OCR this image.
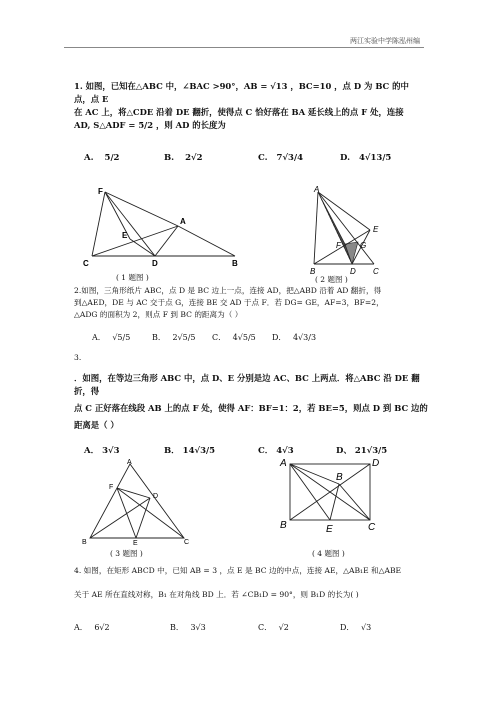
两江实验中学陈泓州编
1. 如图，已知在△ABC 中，∠BAC >90°，AB = √13 ，BC=10 ，点 D 为 BC 的中点，点 E
在 AC 上，将△CDE 沿着 DE 翻折，使得点 C 恰好落在 BA 延长线上的点 F 处，连接
AD, S△ADF = 5/2 ，则 AD 的长度为
A. 5/2	B. 2√2	C. 7√3/4	D. 4√13/5
F
E
A
C	D	B
A
E
F G
B	D C
( 1 题图 )	( 2 题图 )
2.如图，三角形纸片 ABC，点 D 是 BC 边上一点，连接 AD，把△ABD 沿着 AD 翻折，得
到△AED，DE 与 AC 交于点 G，连接 BE 交 AD 于点 F．若 DG= GE，AF=3，BF=2，
△ADG 的面积为 2，则点 F 到 BC 的距离为（ ）
A． √5/5	B． 2√5/5 C． 4√5/5 D． 4√3/3
3.
．如图，在等边三角形 ABC 中，点 D、E 分别是边 AC、BC 上两点．将△ABC 沿 DE 翻折，得
点 C 正好落在线段 AB 上的点 F 处，使得 AF：BF=1：2，若 BE=5，则点 D 到 BC 边的
距离是（ ）
A． 3√3	B． 14√3/5	C． 4√3	D、 21√3/5
A
F
D
B	E	C
A	D
B
B	E	C
( 3 题图 )	( 4 题图 )
4. 如图，在矩形 ABCD 中，已知 AB = 3 ，点 E 是 BC 边的中点，连接 AE，△AB₁E 和△ABE
关于 AE 所在直线对称，B₁ 在对角线 BD 上．若 ∠CB₁D = 90°，则 B₁D 的长为( )
A． 6√2	B． 3√3	C． √2	D． √3
